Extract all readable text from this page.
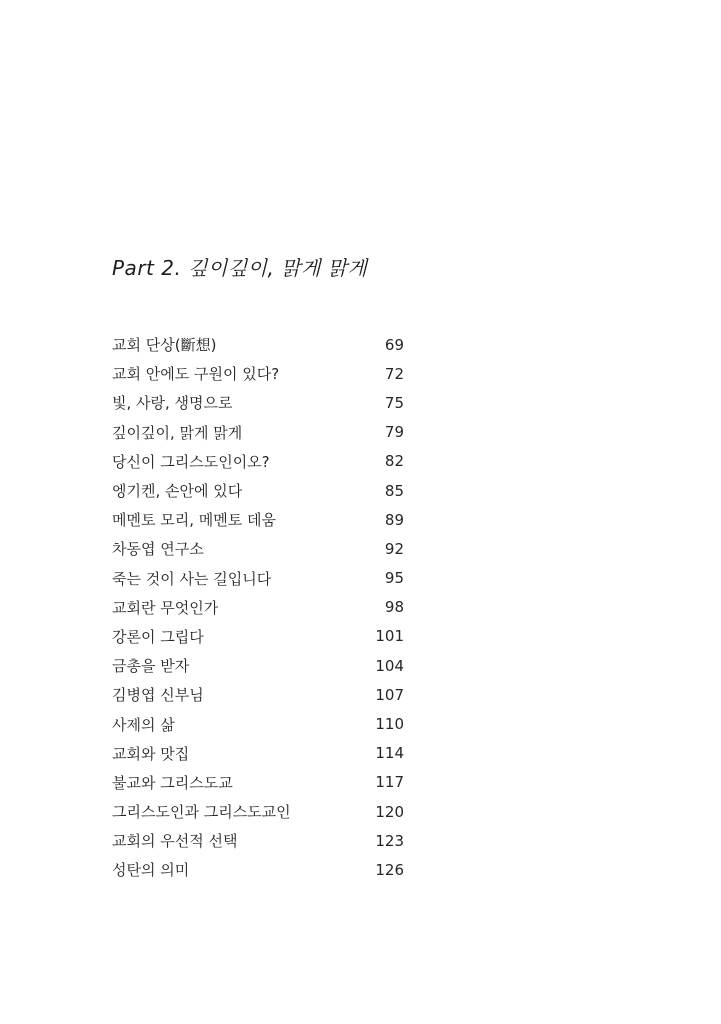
Part 2. 깊이깊이, 맑게 맑게
교회 단상(斷想)	69
교회 안에도 구원이 있다?	72
빛, 사랑, 생명으로	75
깊이깊이, 맑게 맑게	79
당신이 그리스도인이오?	82
엥기켄, 손안에 있다	85
메멘토 모리, 메멘토 데움	89
차동엽 연구소	92
죽는 것이 사는 길입니다	95
교회란 무엇인가	98
강론이 그립다	101
금총을 받자	104
김병엽 신부님	107
사제의 삶	110
교회와 맛집	114
불교와 그리스도교	117
그리스도인과 그리스도교인	120
교회의 우선적 선택	123
성탄의 의미	126
